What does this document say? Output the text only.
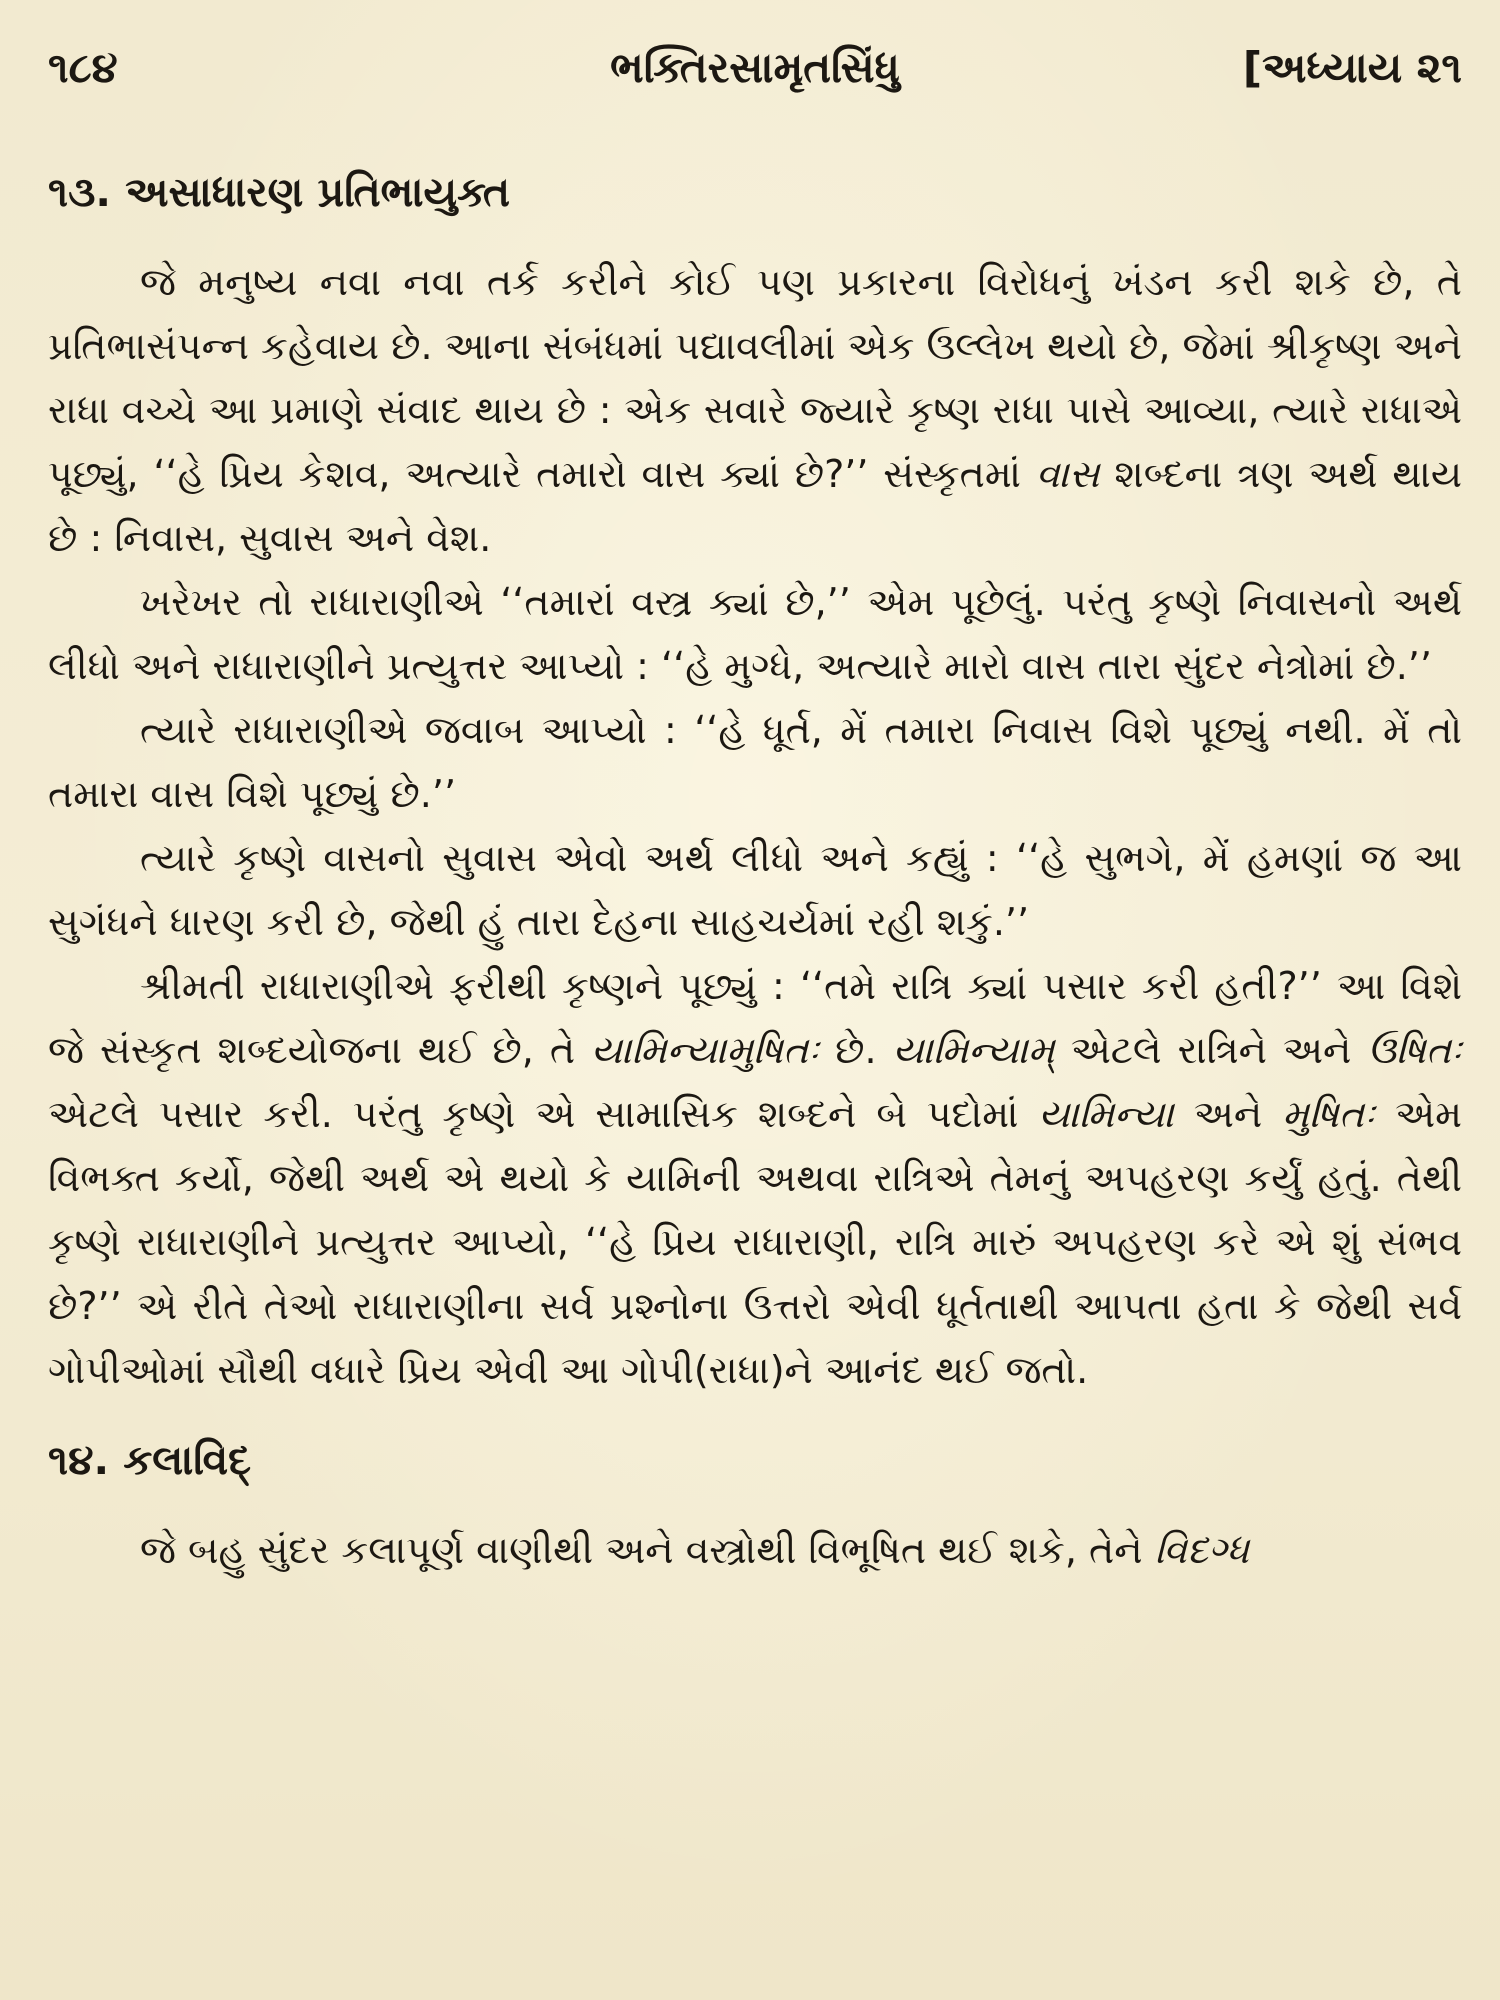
૧૮૪	ભક્તિરસામૃતસિંધુ	[અધ્યાય ૨૧
૧૩. અસાધારણ પ્રતિભાયુક્ત

જે મનુષ્ય નવા નવા તર્ક કરીને કોઈ પણ પ્રકારના વિરોધનું ખંડન કરી શકે છે, તે પ્રતિભાસંપન્ન કહેવાય છે. આના સંબંધમાં પદ્યાવલીમાં એક ઉલ્લેખ થયો છે, જેમાં શ્રીકૃષ્ણ અને રાધા વચ્ચે આ પ્રમાણે સંવાદ થાય છે : એક સવારે જ્યારે કૃષ્ણ રાધા પાસે આવ્યા, ત્યારે રાધાએ પૂછ્યું, ‘‘હે પ્રિય કેશવ, અત્યારે તમારો વાસ ક્યાં છે?’’ સંસ્કૃતમાં વાસ શબ્દના ત્રણ અર્થ થાય છે : નિવાસ, સુવાસ અને વેશ.

ખરેખર તો રાધારાણીએ ‘‘તમારાં વસ્ત્ર ક્યાં છે,’’ એમ પૂછેલું. પરંતુ કૃષ્ણે નિવાસનો અર્થ લીધો અને રાધારાણીને પ્રત્યુત્તર આપ્યો : ‘‘હે મુગ્ધે, અત્યારે મારો વાસ તારા સુંદર નેત્રોમાં છે.’’

ત્યારે રાધારાણીએ જવાબ આપ્યો : ‘‘હે ધૂર્ત, મેં તમારા નિવાસ વિશે પૂછ્યું નથી. મેં તો તમારા વાસ વિશે પૂછ્યું છે.’’

ત્યારે કૃષ્ણે વાસનો સુવાસ એવો અર્થ લીધો અને કહ્યું : ‘‘હે સુભગે, મેં હમણાં જ આ સુગંધને ધારણ કરી છે, જેથી હું તારા દેહના સાહચર્યમાં રહી શકું.’’

શ્રીમતી રાધારાણીએ ફરીથી કૃષ્ણને પૂછ્યું : ‘‘તમે રાત્રિ ક્યાં પસાર કરી હતી?’’ આ વિશે જે સંસ્કૃત શબ્દયોજના થઈ છે, તે યામિન્યામુષિતઃ છે. યામિન્યામ્ એટલે રાત્રિને અને ઉષિતઃ એટલે પસાર કરી. પરંતુ કૃષ્ણે એ સામાસિક શબ્દને બે પદોમાં યામિન્યા અને મુષિતઃ એમ વિભક્ત કર્યો, જેથી અર્થ એ થયો કે યામિની અથવા રાત્રિએ તેમનું અપહરણ કર્યું હતું. તેથી કૃષ્ણે રાધારાણીને પ્રત્યુત્તર આપ્યો, ‘‘હે પ્રિય રાધારાણી, રાત્રિ મારું અપહરણ કરે એ શું સંભવ છે?’’ એ રીતે તેઓ રાધારાણીના સર્વ પ્રશ્નોના ઉત્તરો એવી ધૂર્તતાથી આપતા હતા કે જેથી સર્વ ગોપીઓમાં સૌથી વધારે પ્રિય એવી આ ગોપી(રાધા)ને આનંદ થઈ જતો.

૧૪. કલાવિદ્

જે બહુ સુંદર કલાપૂર્ણ વાણીથી અને વસ્ત્રોથી વિભૂષિત થઈ શકે, તેને વિદગ્ધ
